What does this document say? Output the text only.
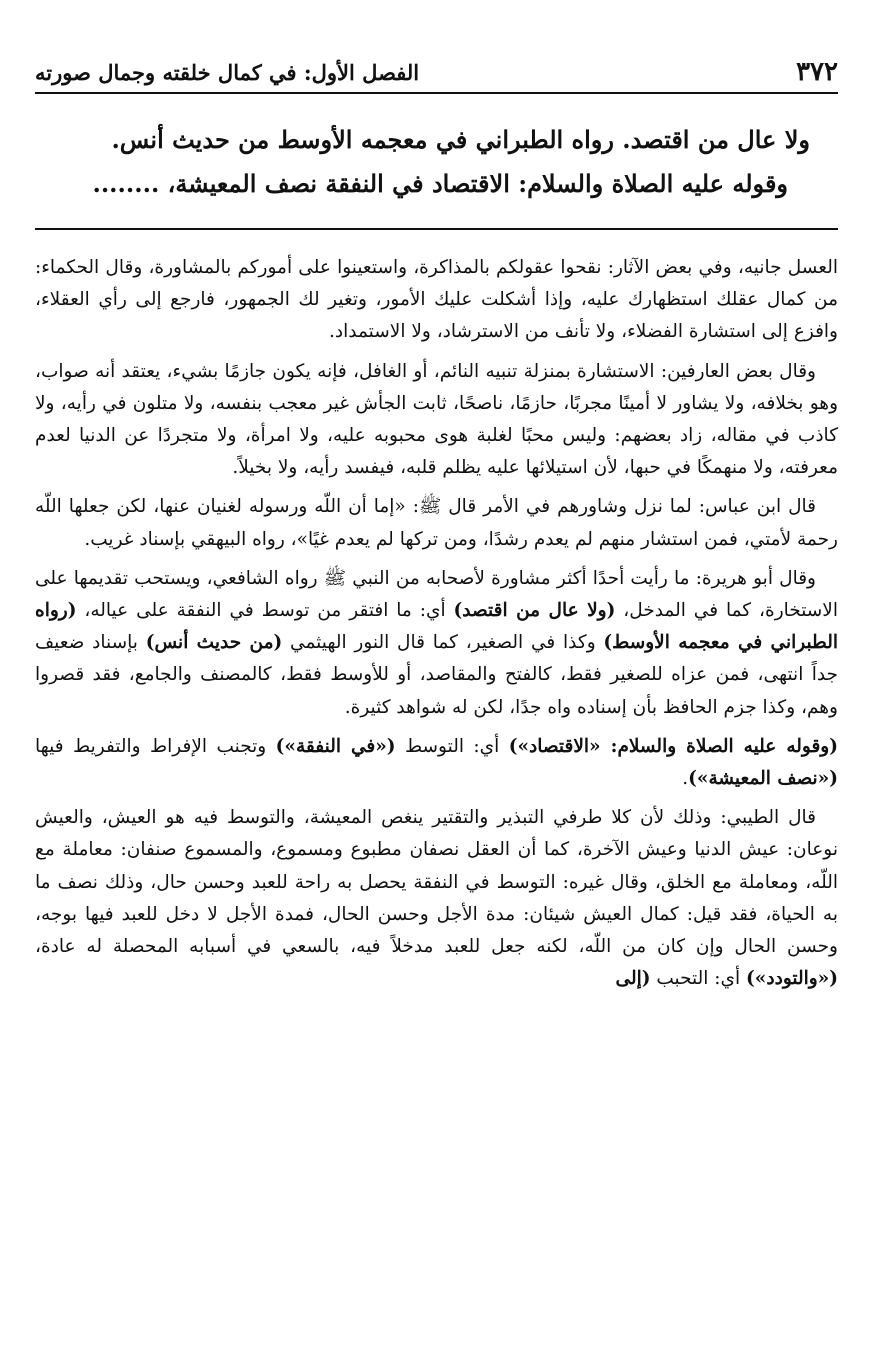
٣٧٢
الفصل الأول: في كمال خلقته وجمال صورته

ولا عال من اقتصد. رواه الطبراني في معجمه الأوسط من حديث أنس.

وقوله عليه الصلاة والسلام: الاقتصاد في النفقة نصف المعيشة، ........

العسل جانيه، وفي بعض الآثار: نقحوا عقولكم بالمذاكرة، واستعينوا على أموركم بالمشاورة، وقال الحكماء: من كمال عقلك استظهارك عليه، وإذا أشكلت عليك الأمور، وتغير لك الجمهور، فارجع إلى رأي العقلاء، وافزع إلى استشارة الفضلاء، ولا تأنف من الاسترشاد، ولا الاستمداد.

وقال بعض العارفين: الاستشارة بمنزلة تنبيه النائم، أو الغافل، فإنه يكون جازمًا بشيء، يعتقد أنه صواب، وهو بخلافه، ولا يشاور لا أمينًا مجربًا، حازمًا، ناصحًا، ثابت الجأش غير معجب بنفسه، ولا متلون في رأيه، ولا كاذب في مقاله، زاد بعضهم: وليس محبًا لغلبة هوى محبوبه عليه، ولا امرأة، ولا متجردًا عن الدنيا لعدم معرفته، ولا منهمكًا في حبها، لأن استيلائها عليه يظلم قلبه، فيفسد رأيه، ولا بخيلاً.

قال ابن عباس: لما نزل وشاورهم في الأمر قال ﷺ: «إما أن اللّه ورسوله لغنيان عنها، لكن جعلها اللّه رحمة لأمتي، فمن استشار منهم لم يعدم رشدًا، ومن تركها لم يعدم غيًا»، رواه البيهقي بإسناد غريب.

وقال أبو هريرة: ما رأيت أحدًا أكثر مشاورة لأصحابه من النبي ﷺ رواه الشافعي، ويستحب تقديمها على الاستخارة، كما في المدخل، (ولا عال من اقتصد) أي: ما افتقر من توسط في النفقة على عياله، (رواه الطبراني في معجمه الأوسط) وكذا في الصغير، كما قال النور الهيثمي (من حديث أنس) بإسناد ضعيف جداً انتهى، فمن عزاه للصغير فقط، كالفتح والمقاصد، أو للأوسط فقط، كالمصنف والجامع، فقد قصروا وهم، وكذا جزم الحافظ بأن إسناده واه جدًا، لكن له شواهد كثيرة.

(وقوله عليه الصلاة والسلام: «الاقتصاد») أي: التوسط («في النفقة») وتجنب الإفراط والتفريط فيها («نصف المعيشة»).

قال الطيبي: وذلك لأن كلا طرفي التبذير والتقتير ينغص المعيشة، والتوسط فيه هو العيش، والعيش نوعان: عيش الدنيا وعيش الآخرة، كما أن العقل نصفان مطبوع ومسموع، والمسموع صنفان: معاملة مع اللّه، ومعاملة مع الخلق، وقال غيره: التوسط في النفقة يحصل به راحة للعبد وحسن حال، وذلك نصف ما به الحياة، فقد قيل: كمال العيش شيئان: مدة الأجل وحسن الحال، فمدة الأجل لا دخل للعبد فيها بوجه، وحسن الحال وإن كان من اللّه، لكنه جعل للعبد مدخلاً فيه، بالسعي في أسبابه المحصلة له عادة، («والتودد») أي: التحبب (إلى
